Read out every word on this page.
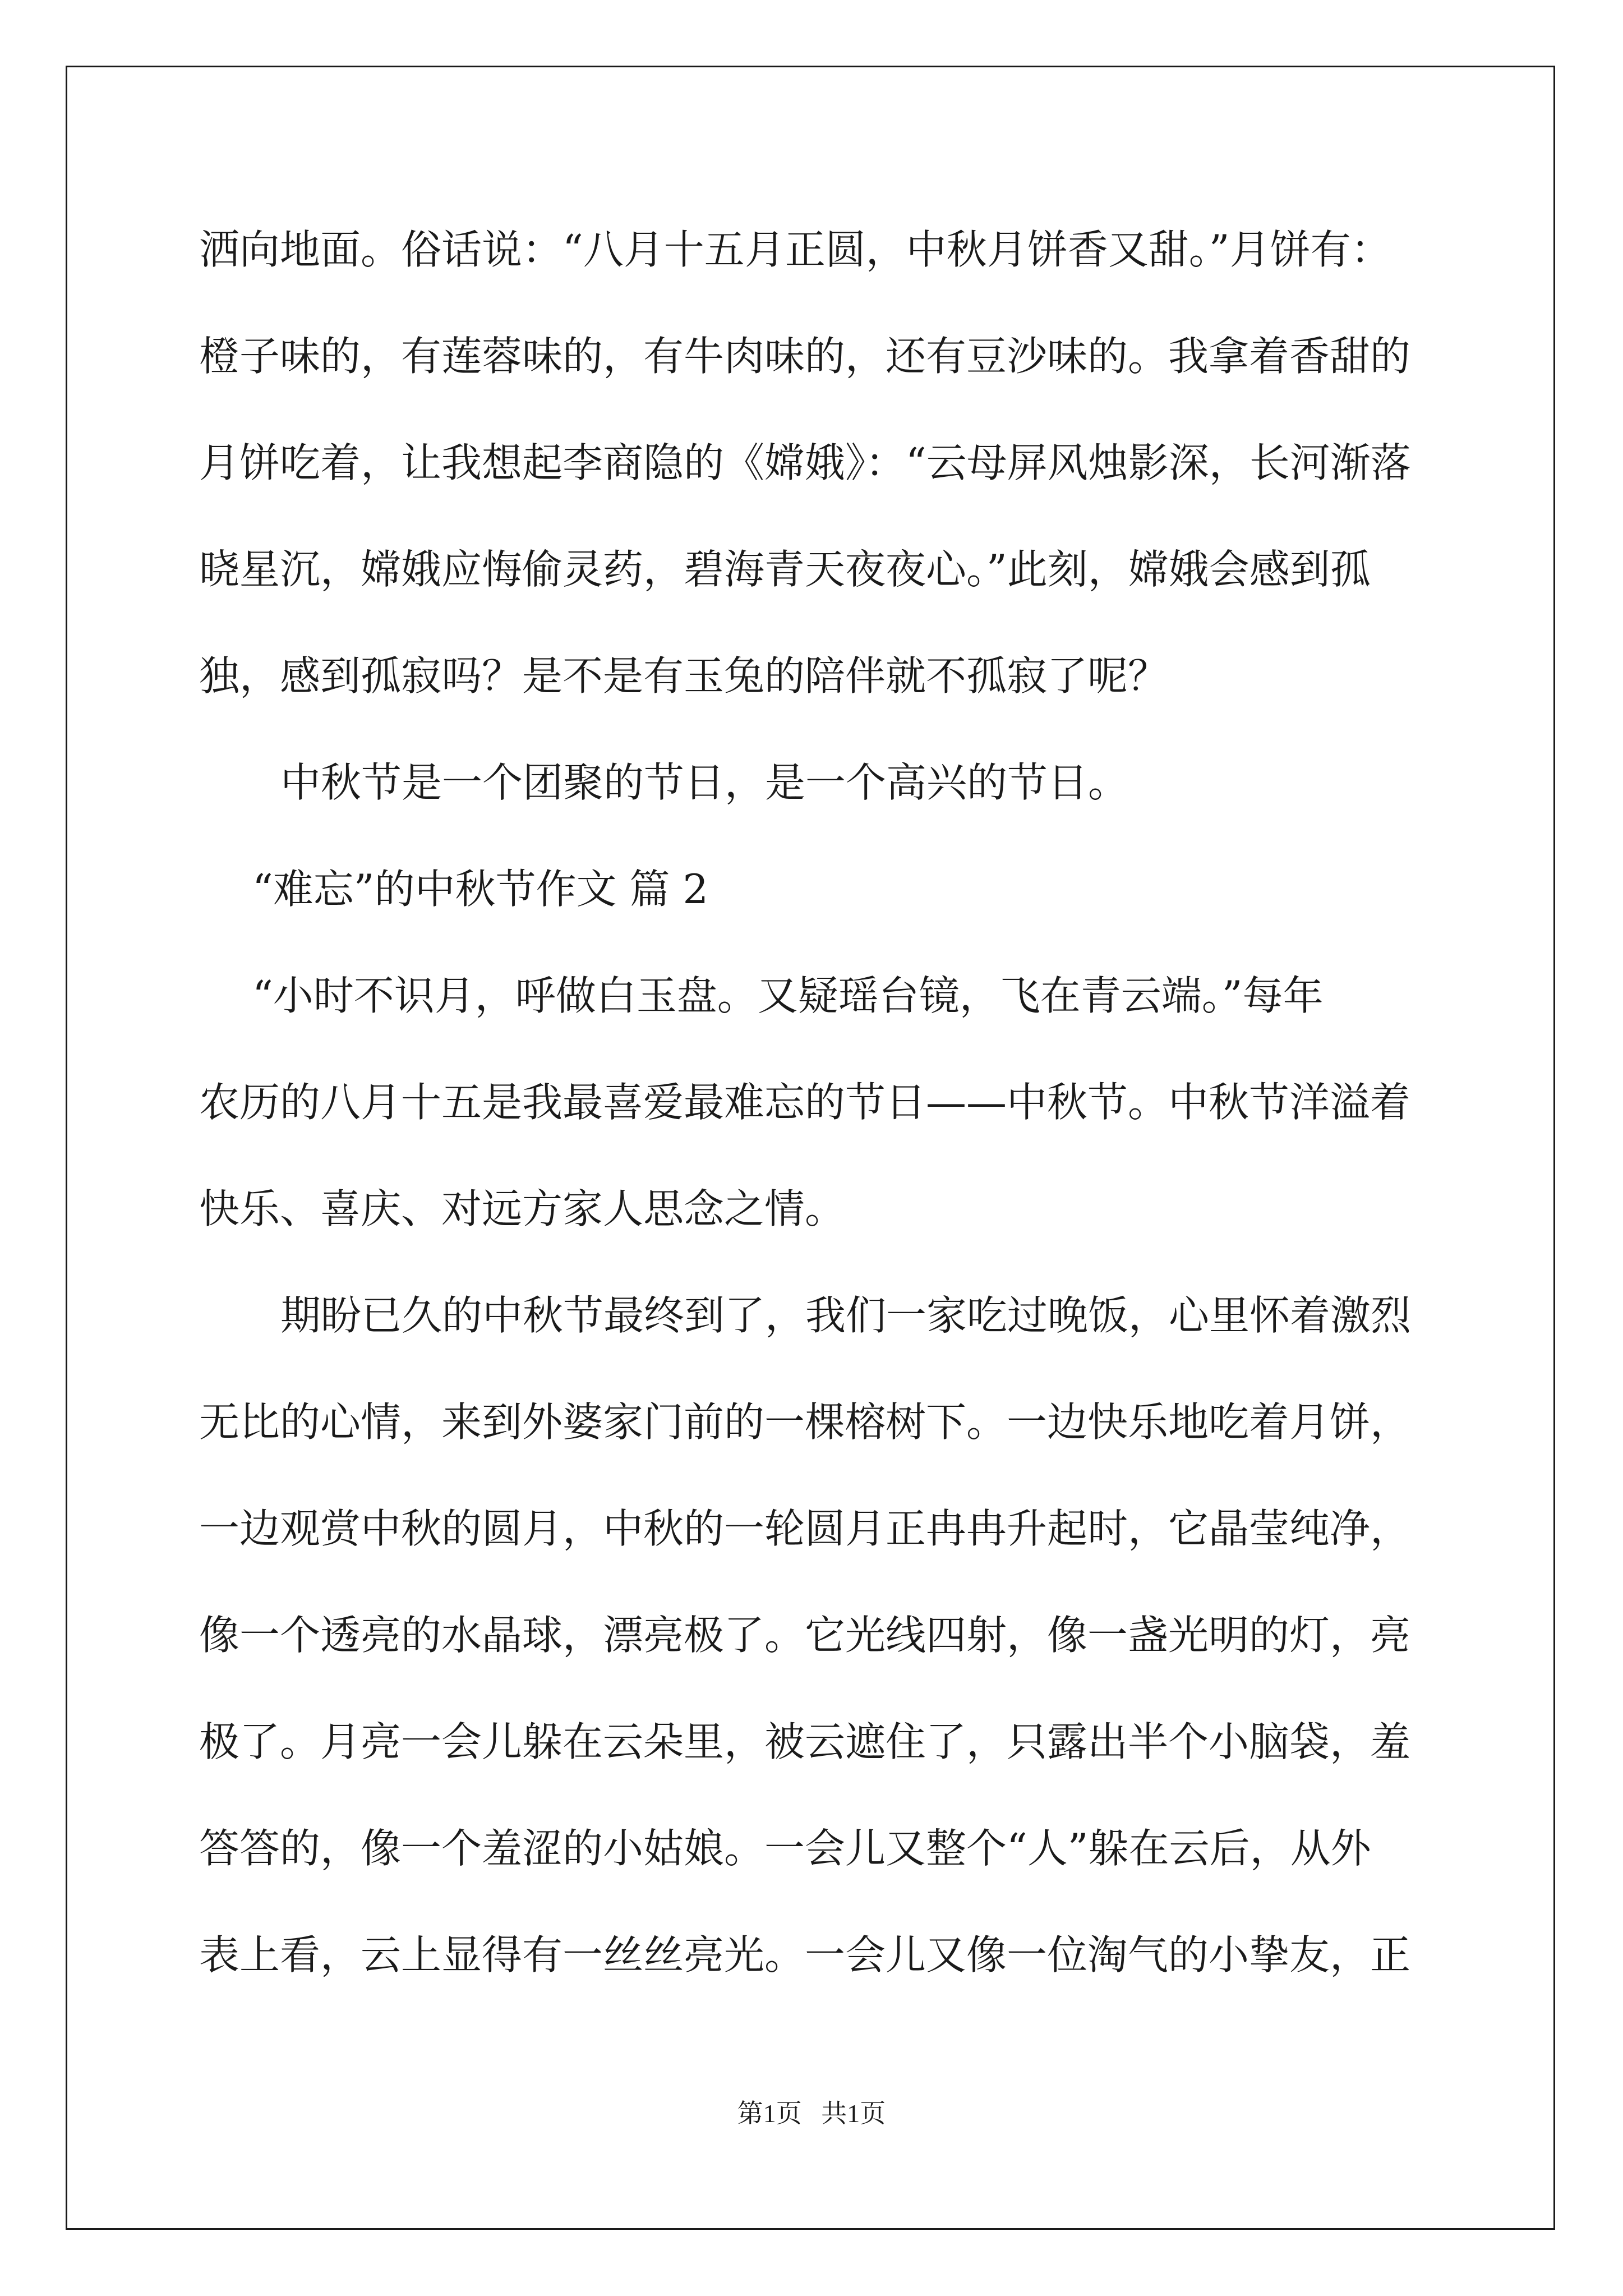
洒向地面。俗话说：“八月十五月正圆，中秋月饼香又甜。”月饼有：

橙子味的，有莲蓉味的，有牛肉味的，还有豆沙味的。我拿着香甜的

月饼吃着，让我想起李商隐的《嫦娥》：“云母屏风烛影深，长河渐落

晓星沉，嫦娥应悔偷灵药，碧海青天夜夜心。”此刻，嫦娥会感到孤

独，感到孤寂吗？是不是有玉兔的陪伴就不孤寂了呢？

中秋节是一个团聚的节日，是一个高兴的节日。

“难忘”的中秋节作文 篇 2

“小时不识月，呼做白玉盘。又疑瑶台镜，飞在青云端。”每年

农历的八月十五是我最喜爱最难忘的节日——中秋节。中秋节洋溢着

快乐、喜庆、对远方家人思念之情。

期盼已久的中秋节最终到了，我们一家吃过晚饭，心里怀着激烈

无比的心情，来到外婆家门前的一棵榕树下。一边快乐地吃着月饼，

一边观赏中秋的圆月，中秋的一轮圆月正冉冉升起时，它晶莹纯净，

像一个透亮的水晶球，漂亮极了。它光线四射，像一盏光明的灯，亮

极了。月亮一会儿躲在云朵里，被云遮住了，只露出半个小脑袋，羞

答答的，像一个羞涩的小姑娘。一会儿又整个“人”躲在云后，从外

表上看，云上显得有一丝丝亮光。一会儿又像一位淘气的小挚友，正

第1页   共1页
